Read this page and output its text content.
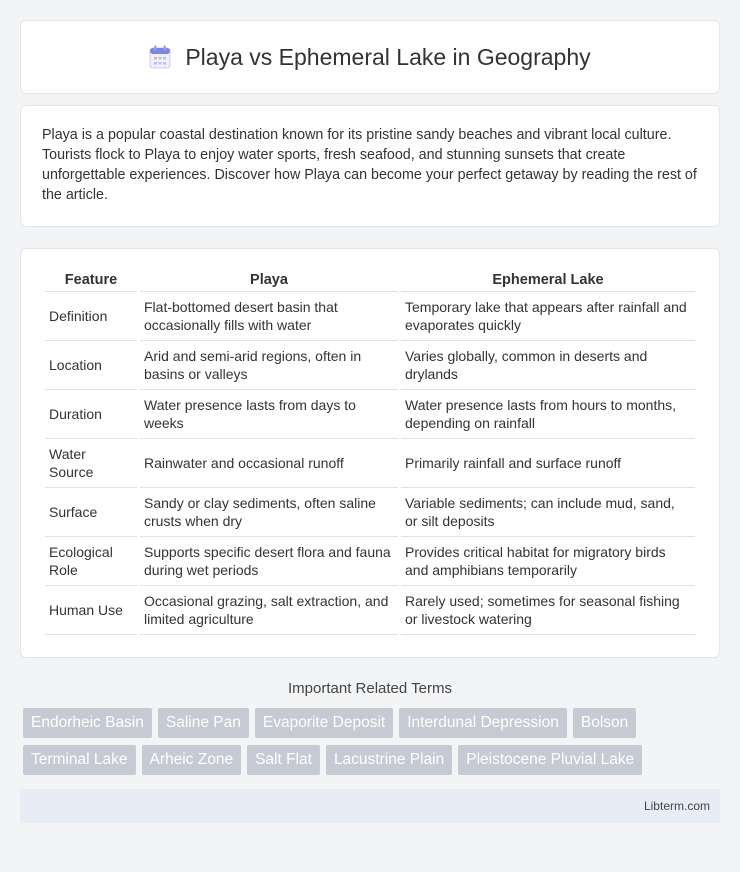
Playa vs Ephemeral Lake in Geography

Playa is a popular coastal destination known for its pristine sandy beaches and vibrant local culture. Tourists flock to Playa to enjoy water sports, fresh seafood, and stunning sunsets that create unforgettable experiences. Discover how Playa can become your perfect getaway by reading the rest of the article.

Feature	Playa	Ephemeral Lake
Definition	Flat-bottomed desert basin that occasionally fills with water	Temporary lake that appears after rainfall and evaporates quickly
Location	Arid and semi-arid regions, often in basins or valleys	Varies globally, common in deserts and drylands
Duration	Water presence lasts from days to weeks	Water presence lasts from hours to months, depending on rainfall
Water Source	Rainwater and occasional runoff	Primarily rainfall and surface runoff
Surface	Sandy or clay sediments, often saline crusts when dry	Variable sediments; can include mud, sand, or silt deposits
Ecological Role	Supports specific desert flora and fauna during wet periods	Provides critical habitat for migratory birds and amphibians temporarily
Human Use	Occasional grazing, salt extraction, and limited agriculture	Rarely used; sometimes for seasonal fishing or livestock watering
Important Related Terms
Endorheic Basin	Saline Pan	Evaporite Deposit	Interdunal Depression	Bolson
Terminal Lake	Arheic Zone	Salt Flat	Lacustrine Plain	Pleistocene Pluvial Lake
Libterm.com
